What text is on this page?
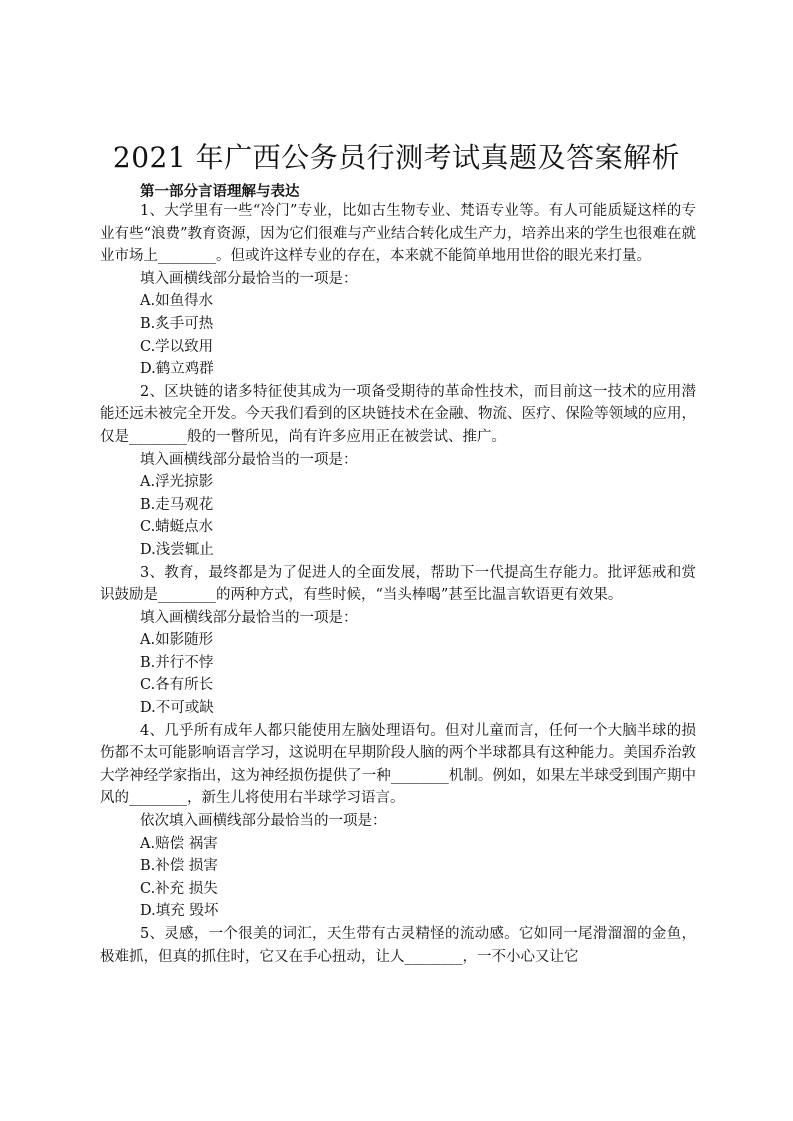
2021 年广西公务员行测考试真题及答案解析
第一部分言语理解与表达

1、大学里有一些“冷门”专业，比如古生物专业、梵语专业等。有人可能质疑这样的专业有些“浪费”教育资源，因为它们很难与产业结合转化成生产力，培养出来的学生也很难在就业市场上________。但或许这样专业的存在，本来就不能简单地用世俗的眼光来打量。

填入画横线部分最恰当的一项是：

A.如鱼得水

B.炙手可热

C.学以致用

D.鹤立鸡群

2、区块链的诸多特征使其成为一项备受期待的革命性技术，而目前这一技术的应用潜能还远未被完全开发。今天我们看到的区块链技术在金融、物流、医疗、保险等领域的应用，仅是________般的一瞥所见，尚有许多应用正在被尝试、推广。

填入画横线部分最恰当的一项是：

A.浮光掠影

B.走马观花

C.蜻蜓点水

D.浅尝辄止

3、教育，最终都是为了促进人的全面发展，帮助下一代提高生存能力。批评惩戒和赏识鼓励是________的两种方式，有些时候，“当头棒喝”甚至比温言软语更有效果。

填入画横线部分最恰当的一项是：

A.如影随形

B.并行不悖

C.各有所长

D.不可或缺

4、几乎所有成年人都只能使用左脑处理语句。但对儿童而言，任何一个大脑半球的损伤都不太可能影响语言学习，这说明在早期阶段人脑的两个半球都具有这种能力。美国乔治敦大学神经学家指出，这为神经损伤提供了一种________机制。例如，如果左半球受到围产期中风的________，新生儿将使用右半球学习语言。

依次填入画横线部分最恰当的一项是：

A.赔偿 祸害

B.补偿 损害

C.补充 损失

D.填充 毁坏

5、灵感，一个很美的词汇，天生带有古灵精怪的流动感。它如同一尾滑溜溜的金鱼，极难抓，但真的抓住时，它又在手心扭动，让人________，一不小心又让它
